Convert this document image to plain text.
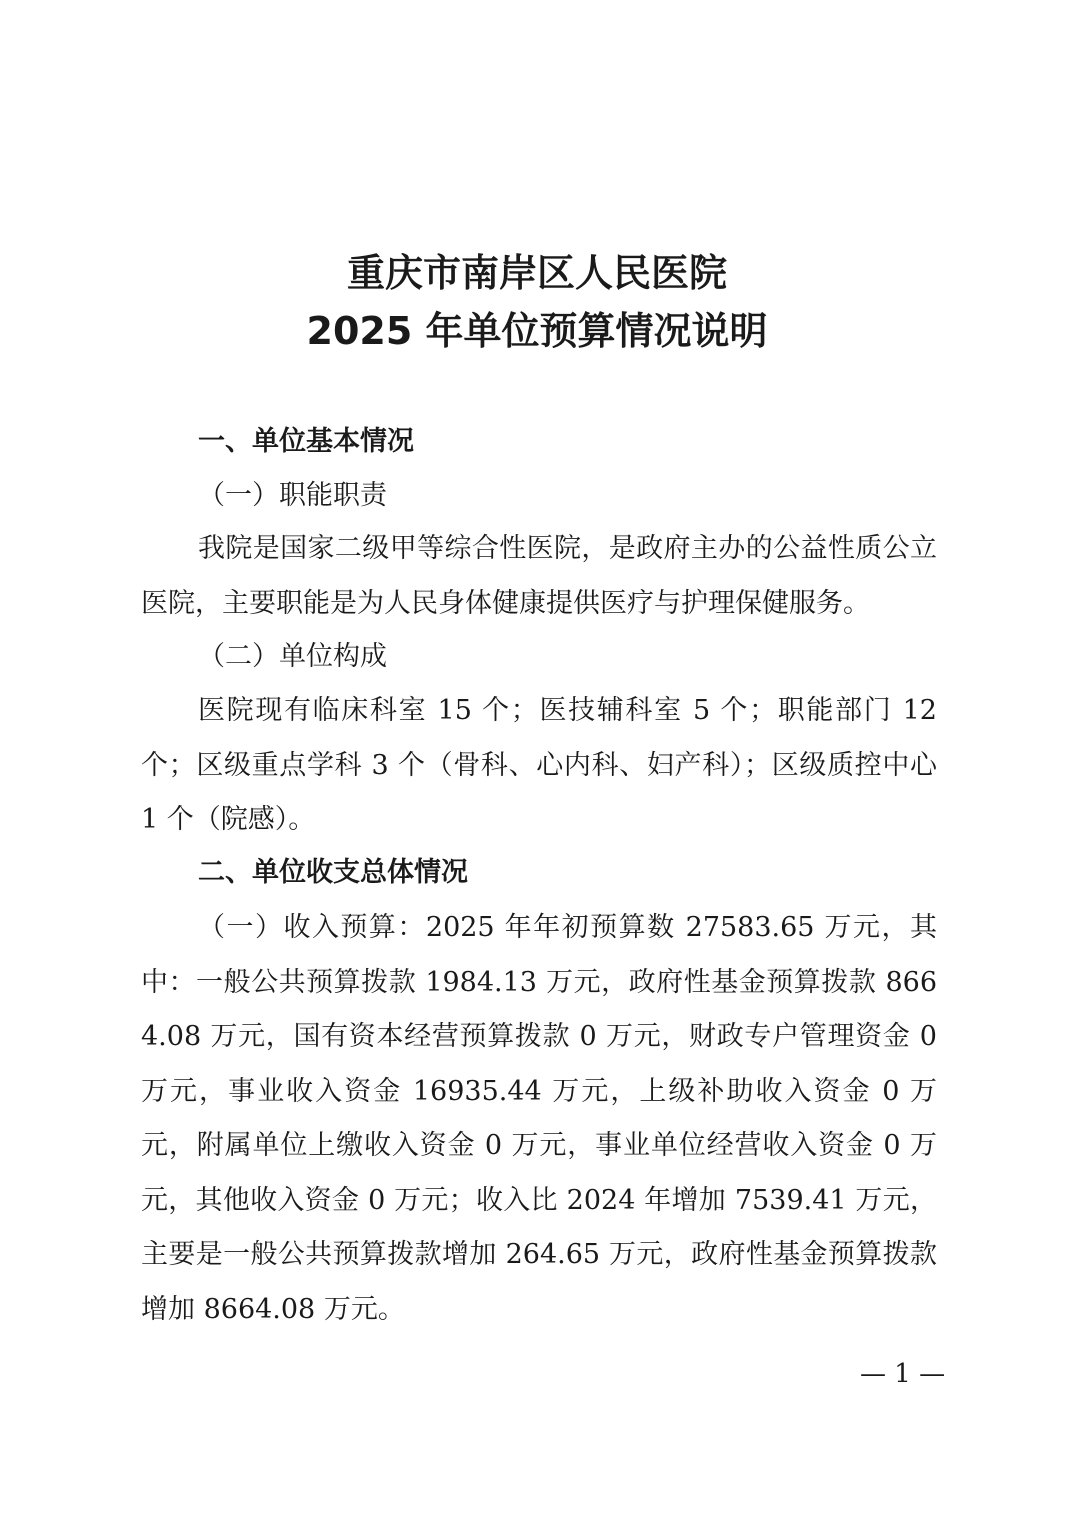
重庆市南岸区人民医院
2025 年单位预算情况说明
一、单位基本情况
（一）职能职责
我院是国家二级甲等综合性医院，是政府主办的公益性质公立医院，主要职能是为人民身体健康提供医疗与护理保健服务。
（二）单位构成
医院现有临床科室 15 个；医技辅科室 5 个；职能部门 12 个；区级重点学科 3 个（骨科、心内科、妇产科）；区级质控中心 1 个（院感）。
二、单位收支总体情况
（一）收入预算：2025 年年初预算数 27583.65 万元，其中：一般公共预算拨款 1984.13 万元，政府性基金预算拨款 8664.08 万元，国有资本经营预算拨款 0 万元，财政专户管理资金 0 万元，事业收入资金 16935.44 万元，上级补助收入资金 0 万元，附属单位上缴收入资金 0 万元，事业单位经营收入资金 0 万元，其他收入资金 0 万元；收入比 2024 年增加 7539.41 万元，主要是一般公共预算拨款增加 264.65 万元，政府性基金预算拨款增加 8664.08 万元。
— 1 —
